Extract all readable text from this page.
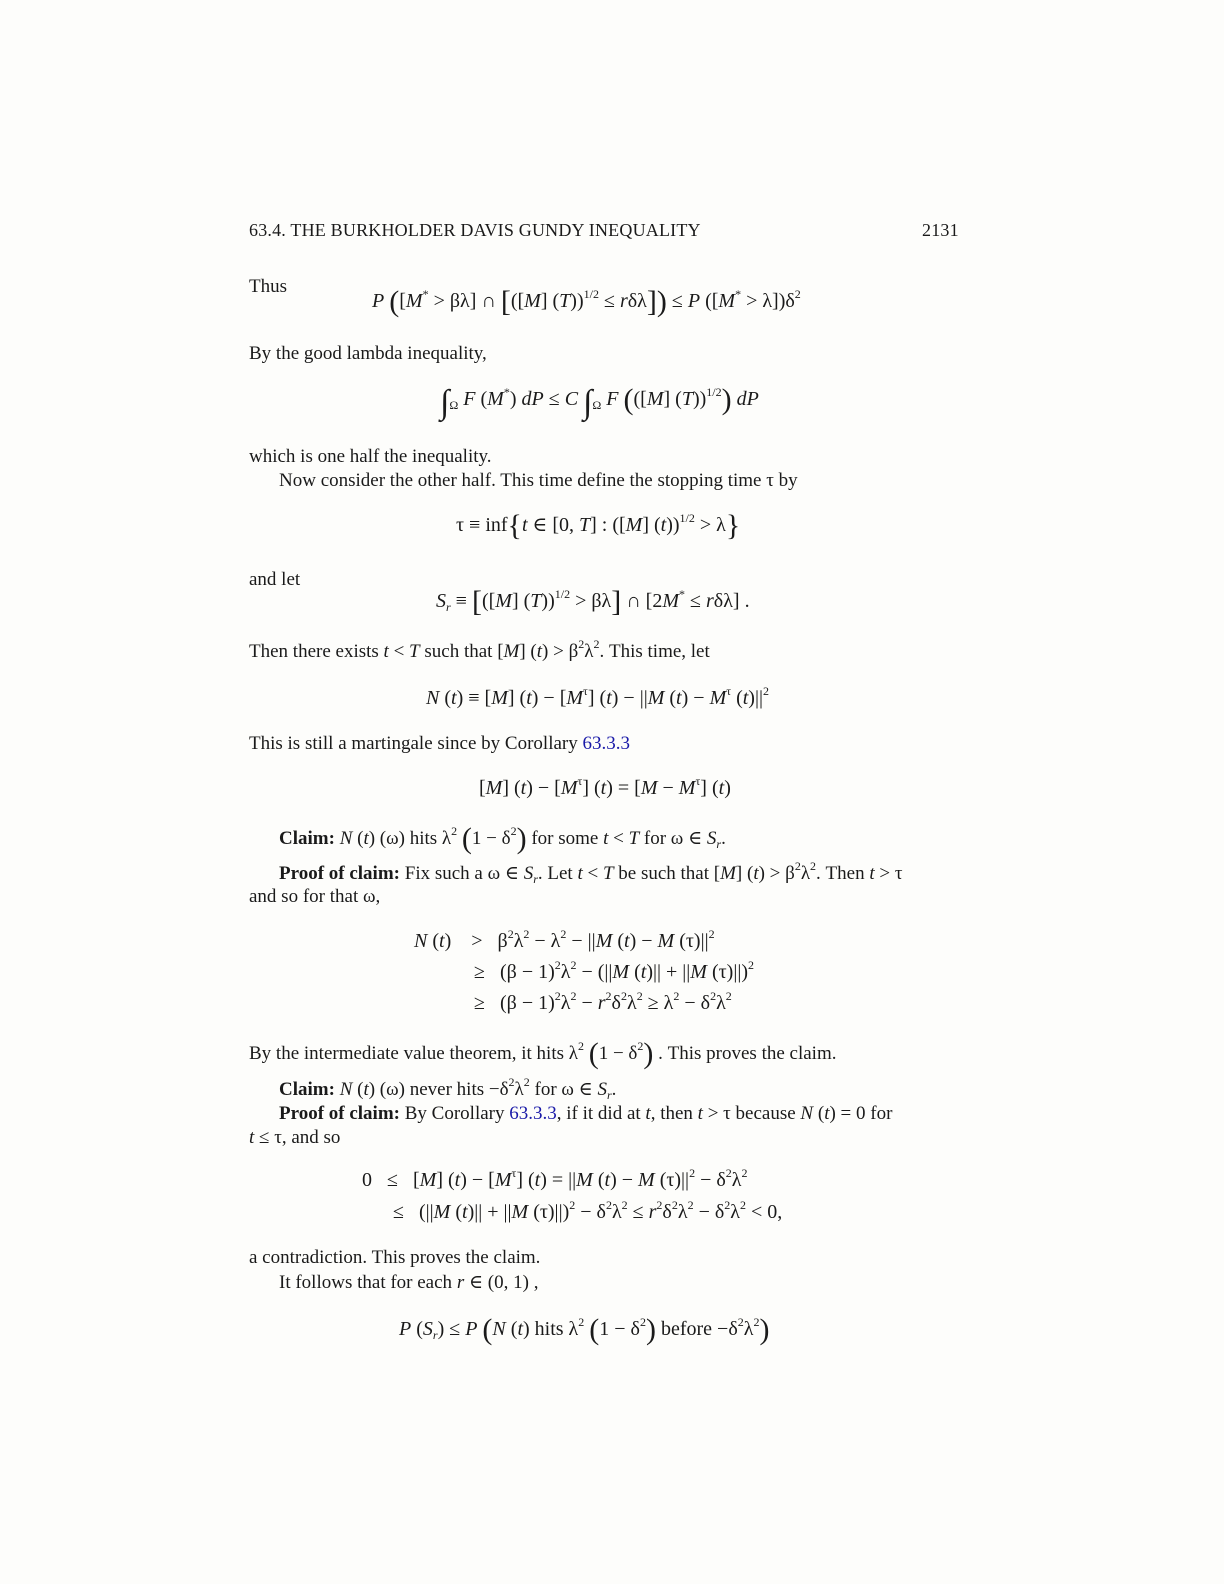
63.4. THE BURKHOLDER DAVIS GUNDY INEQUALITY	2131
Thus
P ([M* > βλ] ∩ [([M] (T))$^{1/2}$ ≤ rδλ]) ≤ P $([M^* > \lambda])\delta^2$
By the good lambda inequality,
$\int_\Omega$ F (M*) dP ≤ C $\int_\Omega$ F (([M] (T))$^{1/2}$) dP
which is one half the inequality.
Now consider the other half. This time define the stopping time τ by
τ ≡ inf{t ∈ [0, T] : ([M] (t))$^{1/2}$ > λ}
and let
$S_r \equiv [([M] (T))^{1/2} > \beta\lambda]$ ∩ [2M* ≤ rδλ] .
Then there exists t < T such that [M] $(t) > \beta^2\lambda^2$. This time, let
N (t) ≡ [M] $(t) - [M^\tau] (t) - ||M$ $(t) - M^\tau$ $(t)||^2$
This is still a martingale since by Corollary 63.3.3
[M] $(t) - [M^\tau] (t) = [M - M^\tau]$ (t)
Claim: N (t) (ω) hits $\lambda^2$ $(1 - \delta^2)$ for some t < T for ω ∈ $S_r$.
Proof of claim: Fix such a ω ∈ $S_r$. Let t < T be such that [M] $(t) > \beta^2\lambda^2$. Then t > τ
and so for that ω,
N (t)    >   $\beta^2\lambda^2 - \lambda^2 - ||M$ (t) − M $(\tau)||^2$
≥   $(\beta - 1)^2\lambda^2 - (||M$ (t)|| + ||M (τ)||)$^2$
≥   $(\beta - 1)^2\lambda^2 - r^2\delta^2\lambda^2 \ge \lambda^2 - \delta^2\lambda^2$
By the intermediate value theorem, it hits $\lambda^2$ $(1 - \delta^2)$ . This proves the claim.
Claim: N (t) (ω) never hits $-\delta^2\lambda^2$ for ω ∈ $S_r$.
Proof of claim: By Corollary 63.3.3, if it did at t, then t > τ because N (t) = 0 for
t ≤ τ, and so
0   ≤   [M] $(t) - [M^\tau] (t) = ||M$ (t) − M $(\tau)||^2 - \delta^2\lambda^2$
≤   (||M (t)|| + ||M $(\tau)||)^2 - \delta^2\lambda^2 \le r^2\delta^2\lambda^2 - \delta^2\lambda^2 < 0$,
a contradiction. This proves the claim.
It follows that for each r ∈ (0, 1) ,
P $(S_r) \le P$ (N (t) hits $\lambda^2$ $(1 - \delta^2)$ before $-\delta^2\lambda^2$)
